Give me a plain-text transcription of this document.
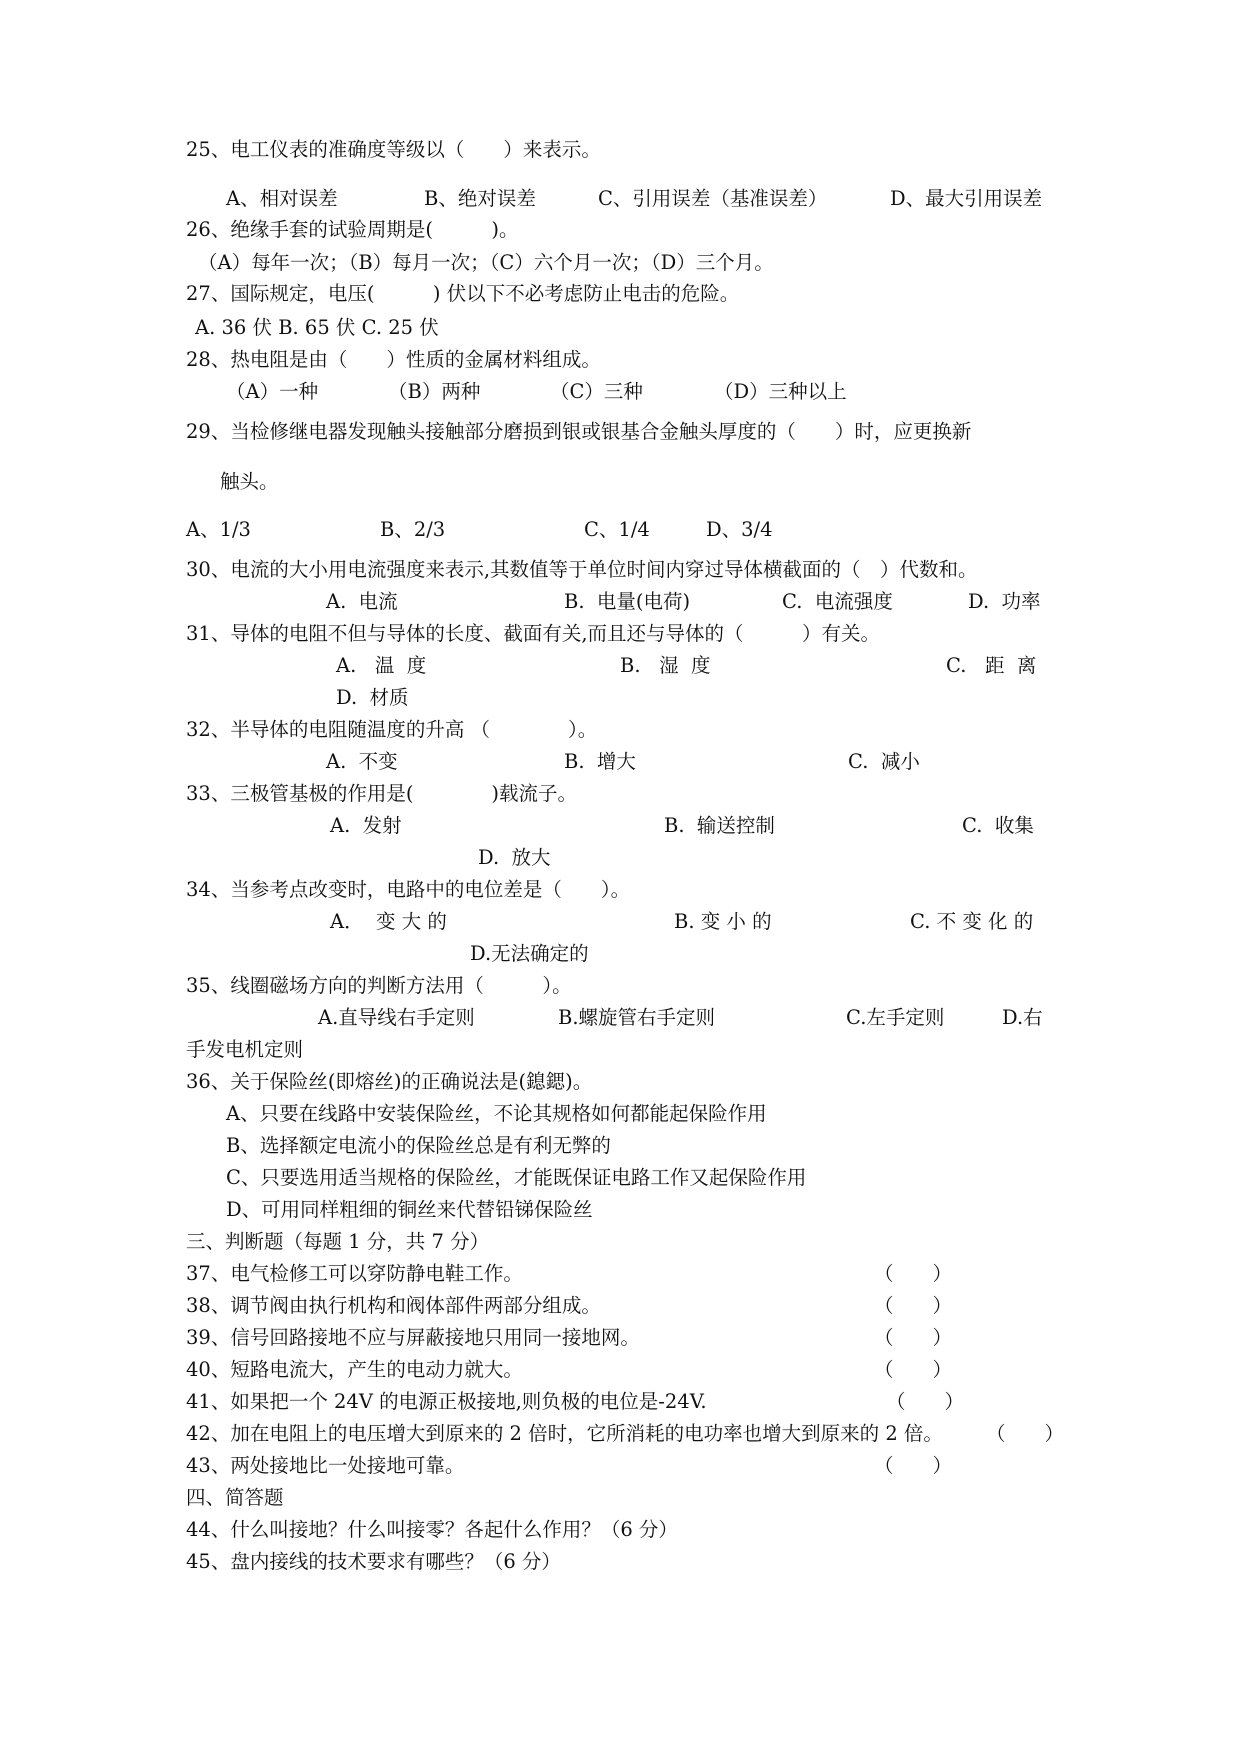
25、电工仪表的准确度等级以（　　）来表示。
A、相对误差	B、绝对误差	C、引用误差（基准误差）	D、最大引用误差
26、绝缘手套的试验周期是(　　　)。
（A）每年一次；（B）每月一次；（C）六个月一次；（D）三个月。
27、国际规定，电压(　　　) 伏以下不必考虑防止电击的危险。
A. 36 伏 B. 65 伏 C. 25 伏
28、热电阻是由（　　）性质的金属材料组成。
（A）一种	（B）两种	（C）三种	（D）三种以上
29、当检修继电器发现触头接触部分磨损到银或银基合金触头厚度的（　　）时，应更换新
触头。
A、1/3	B、2/3	C、1/4	D、3/4
30、电流的大小用电流强度来表示,其数值等于单位时间内穿过导体横截面的（　）代数和。
A.  电流	B.  电量(电荷)	C.  电流强度	D.  功率
31、导体的电阻不但与导体的长度、截面有关,而且还与导体的（　　　）有关。
A.   温  度	B.   湿  度	C.   距  离
D.  材质
32、半导体的电阻随温度的升高 （　　　　）。
A.  不变	B.  增大	C.  减小
33、三极管基极的作用是(　　　　)载流子。
A.  发射	B.  输送控制	C.  收集
D.  放大
34、当参考点改变时，电路中的电位差是（　　）。
A．  变 大 的	B. 变 小 的	C. 不 变 化 的
D.无法确定的
35、线圈磁场方向的判断方法用（　　　）。
A.直导线右手定则	B.螺旋管右手定则	C.左手定则	D.右
手发电机定则
36、关于保险丝(即熔丝)的正确说法是(鎴鍶)。
A、只要在线路中安装保险丝，不论其规格如何都能起保险作用
B、选择额定电流小的保险丝总是有利无弊的
C、只要选用适当规格的保险丝，才能既保证电路工作又起保险作用
D、可用同样粗细的铜丝来代替铅锑保险丝
三、判断题（每题 1 分，共 7 分）
37、电气检修工可以穿防静电鞋工作。	（　　）
38、调节阀由执行机构和阀体部件两部分组成。	（　　）
39、信号回路接地不应与屏蔽接地只用同一接地网。	（　　）
40、短路电流大，产生的电动力就大。	（　　）
41、如果把一个 24V 的电源正极接地,则负极的电位是-24V.	（　　）
42、加在电阻上的电压增大到原来的 2 倍时，它所消耗的电功率也增大到原来的 2 倍。 （　　）
43、两处接地比一处接地可靠。	（　　）
四、简答题
44、什么叫接地？什么叫接零？各起什么作用？（6 分）
45、盘内接线的技术要求有哪些？（6 分）
